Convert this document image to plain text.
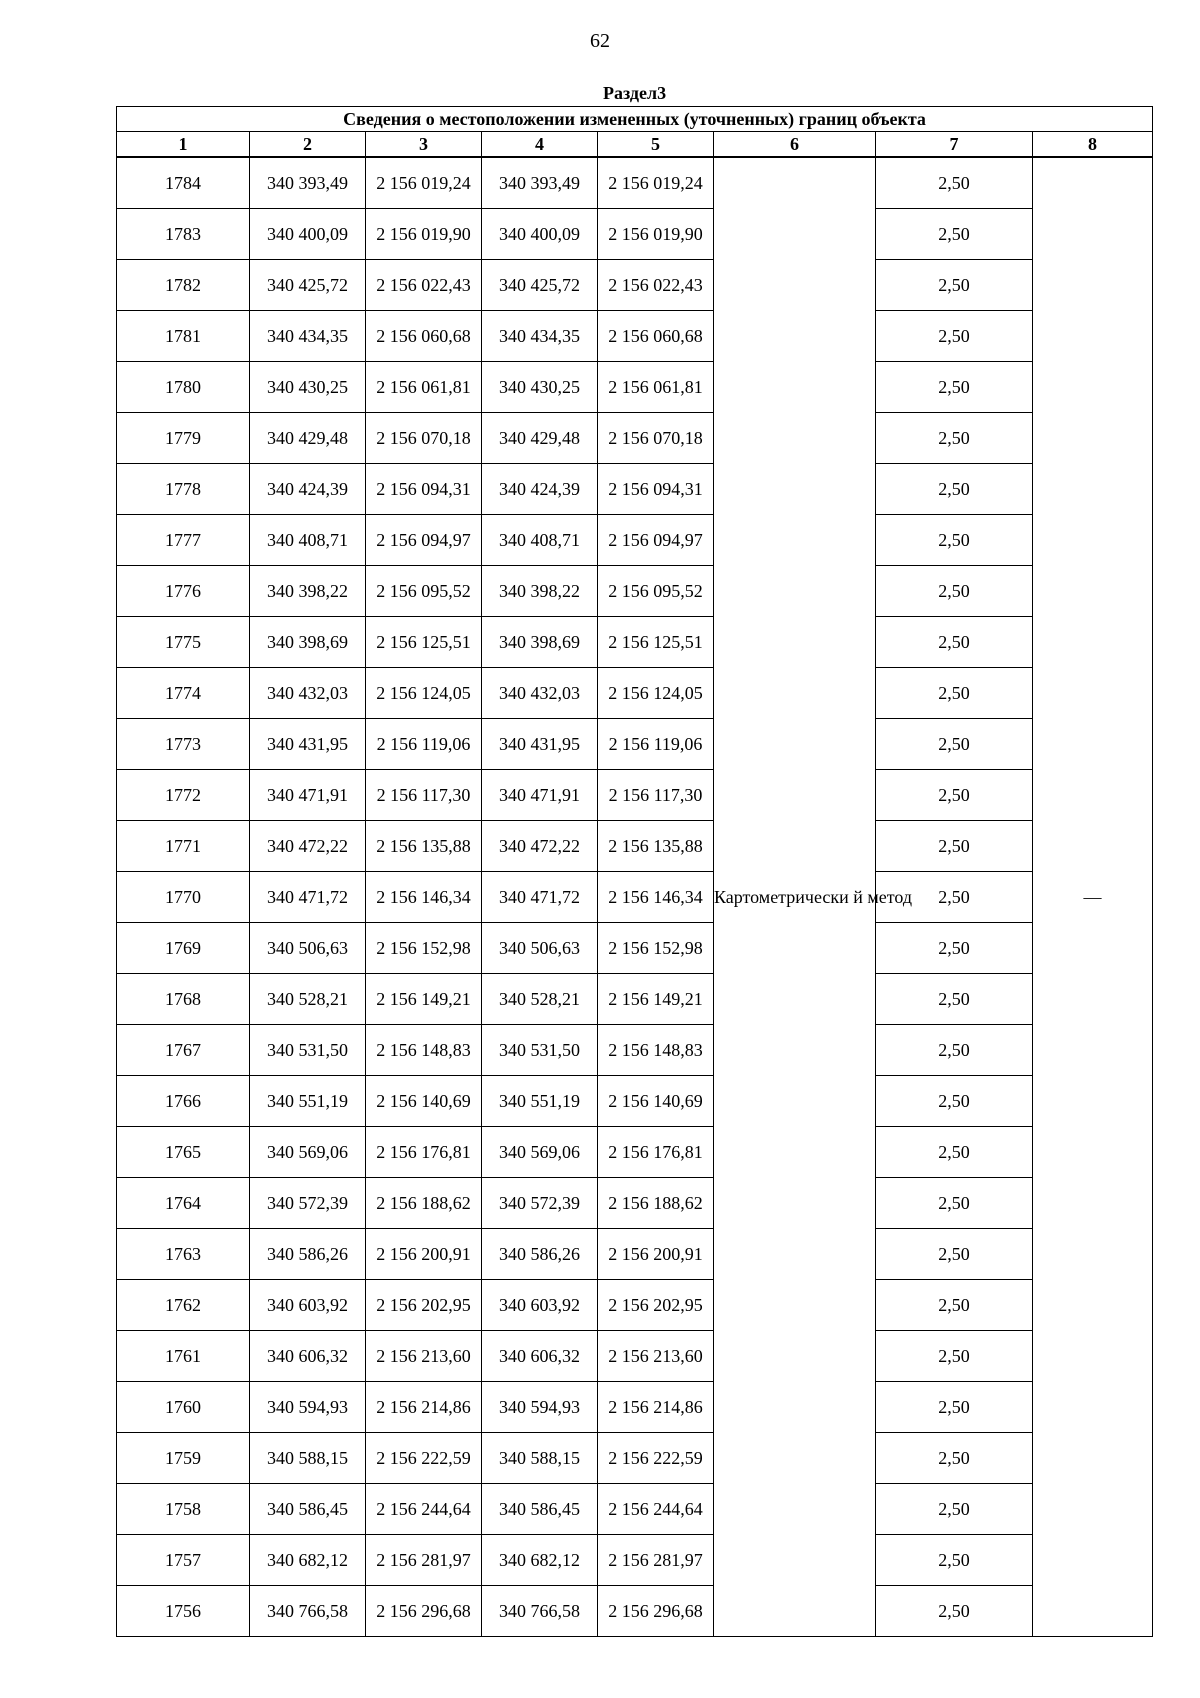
62
Раздел3							
Сведения о местоположении измененных (уточненных) границ объекта							
1	2	3	4	5	6	7	8
1784	340 393,49	2 156 019,24	340 393,49	2 156 019,24	Картометрически й метод	2,50	—
1783	340 400,09	2 156 019,90	340 400,09	2 156 019,90		2,50	
1782	340 425,72	2 156 022,43	340 425,72	2 156 022,43		2,50	
1781	340 434,35	2 156 060,68	340 434,35	2 156 060,68		2,50	
1780	340 430,25	2 156 061,81	340 430,25	2 156 061,81		2,50	
1779	340 429,48	2 156 070,18	340 429,48	2 156 070,18		2,50	
1778	340 424,39	2 156 094,31	340 424,39	2 156 094,31		2,50	
1777	340 408,71	2 156 094,97	340 408,71	2 156 094,97		2,50	
1776	340 398,22	2 156 095,52	340 398,22	2 156 095,52		2,50	
1775	340 398,69	2 156 125,51	340 398,69	2 156 125,51		2,50	
1774	340 432,03	2 156 124,05	340 432,03	2 156 124,05		2,50	
1773	340 431,95	2 156 119,06	340 431,95	2 156 119,06		2,50	
1772	340 471,91	2 156 117,30	340 471,91	2 156 117,30		2,50	
1771	340 472,22	2 156 135,88	340 472,22	2 156 135,88		2,50	
1770	340 471,72	2 156 146,34	340 471,72	2 156 146,34		2,50	
1769	340 506,63	2 156 152,98	340 506,63	2 156 152,98		2,50	
1768	340 528,21	2 156 149,21	340 528,21	2 156 149,21		2,50	
1767	340 531,50	2 156 148,83	340 531,50	2 156 148,83		2,50	
1766	340 551,19	2 156 140,69	340 551,19	2 156 140,69		2,50	
1765	340 569,06	2 156 176,81	340 569,06	2 156 176,81		2,50	
1764	340 572,39	2 156 188,62	340 572,39	2 156 188,62		2,50	
1763	340 586,26	2 156 200,91	340 586,26	2 156 200,91		2,50	
1762	340 603,92	2 156 202,95	340 603,92	2 156 202,95		2,50	
1761	340 606,32	2 156 213,60	340 606,32	2 156 213,60		2,50	
1760	340 594,93	2 156 214,86	340 594,93	2 156 214,86		2,50	
1759	340 588,15	2 156 222,59	340 588,15	2 156 222,59		2,50	
1758	340 586,45	2 156 244,64	340 586,45	2 156 244,64		2,50	
1757	340 682,12	2 156 281,97	340 682,12	2 156 281,97		2,50	
1756	340 766,58	2 156 296,68	340 766,58	2 156 296,68		2,50	
